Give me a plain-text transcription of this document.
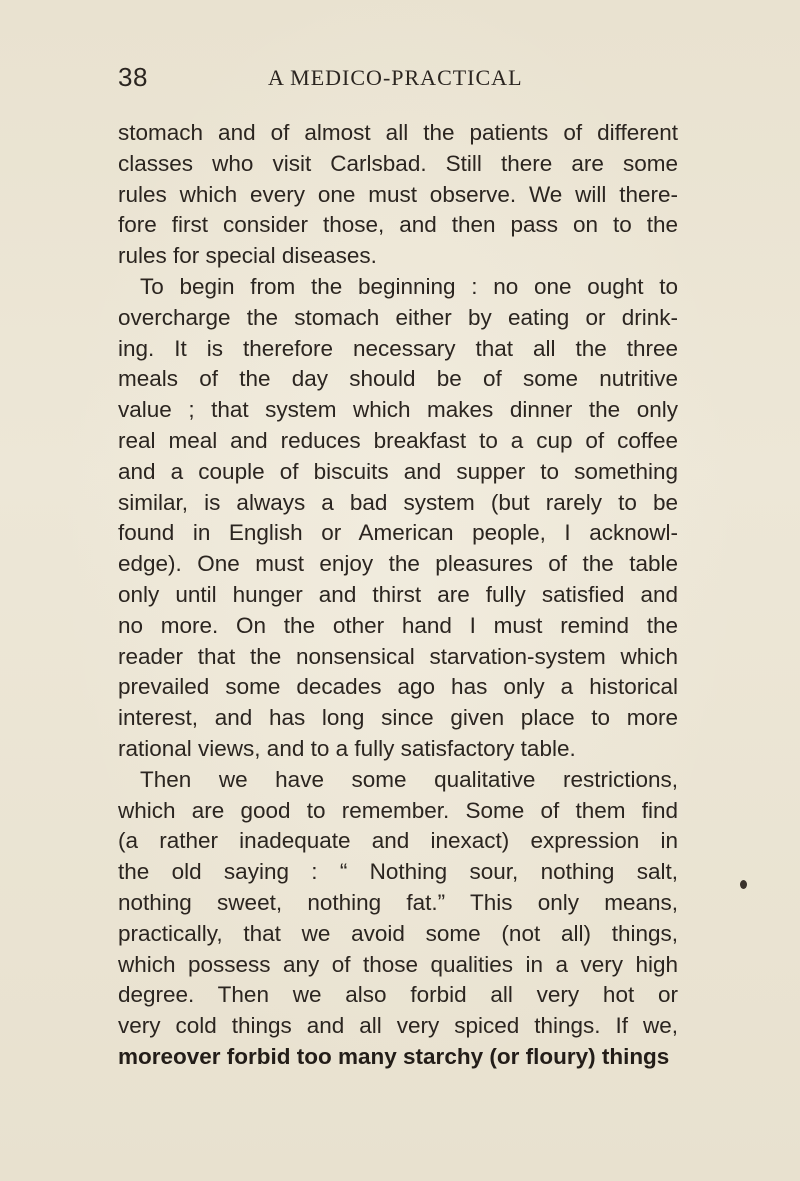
38	A MEDICO-PRACTICAL
stomach and of almost all the patients of different
classes who visit Carlsbad. Still there are some
rules which every one must observe. We will there-
fore first consider those, and then pass on to the
rules for special diseases.
To begin from the beginning : no one ought to
overcharge the stomach either by eating or drink-
ing. It is therefore necessary that all the three
meals of the day should be of some nutritive
value ; that system which makes dinner the only
real meal and reduces breakfast to a cup of coffee
and a couple of biscuits and supper to something
similar, is always a bad system (but rarely to be
found in English or American people, I acknowl-
edge). One must enjoy the pleasures of the table
only until hunger and thirst are fully satisfied and
no more. On the other hand I must remind the
reader that the nonsensical starvation-system which
prevailed some decades ago has only a historical
interest, and has long since given place to more
rational views, and to a fully satisfactory table.
Then we have some qualitative restrictions,
which are good to remember. Some of them find
(a rather inadequate and inexact) expression in
the old saying : “ Nothing sour, nothing salt,
nothing sweet, nothing fat.” This only means,
practically, that we avoid some (not all) things,
which possess any of those qualities in a very high
degree. Then we also forbid all very hot or
very cold things and all very spiced things. If we,
moreover forbid too many starchy (or floury) things
